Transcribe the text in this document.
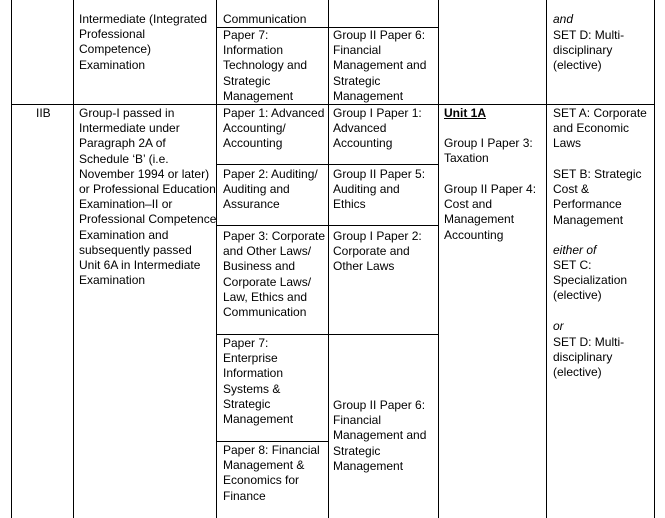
Intermediate (Integrated
Professional
Competence)
Examination
Communication
Paper 7:
Information
Technology and
Strategic
Management
Group II Paper 6:
Financial
Management and
Strategic
Management
and
SET D: Multi-
disciplinary
(elective)
IIB Group-I passed in
Intermediate under
Paragraph 2A of
Schedule ‘B’ (i.e.
November 1994 or later)
or Professional Education
Examination–II or
Professional Competence
Examination and
subsequently passed
Unit 6A in Intermediate
Examination
Paper 1: Advanced
Accounting/
Accounting
Group I Paper 1:
Advanced
Accounting
Paper 2: Auditing/
Auditing and
Assurance
Group II Paper 5:
Auditing and
Ethics
Paper 3: Corporate
and Other Laws/
Business and
Corporate Laws/
Law, Ethics and
Communication
Group I Paper 2:
Corporate and
Other Laws
Paper 7:
Enterprise
Information
Systems &
Strategic
Management
Paper 8: Financial
Management &
Economics for
Finance
Group II Paper 6:
Financial
Management and
Strategic
Management
Unit 1A
Group I Paper 3:
Taxation
Group II Paper 4:
Cost and
Management
Accounting
SET A: Corporate
and Economic
Laws
SET B: Strategic
Cost &
Performance
Management
either of
SET C:
Specialization
(elective)
or
SET D: Multi-
disciplinary
(elective)
